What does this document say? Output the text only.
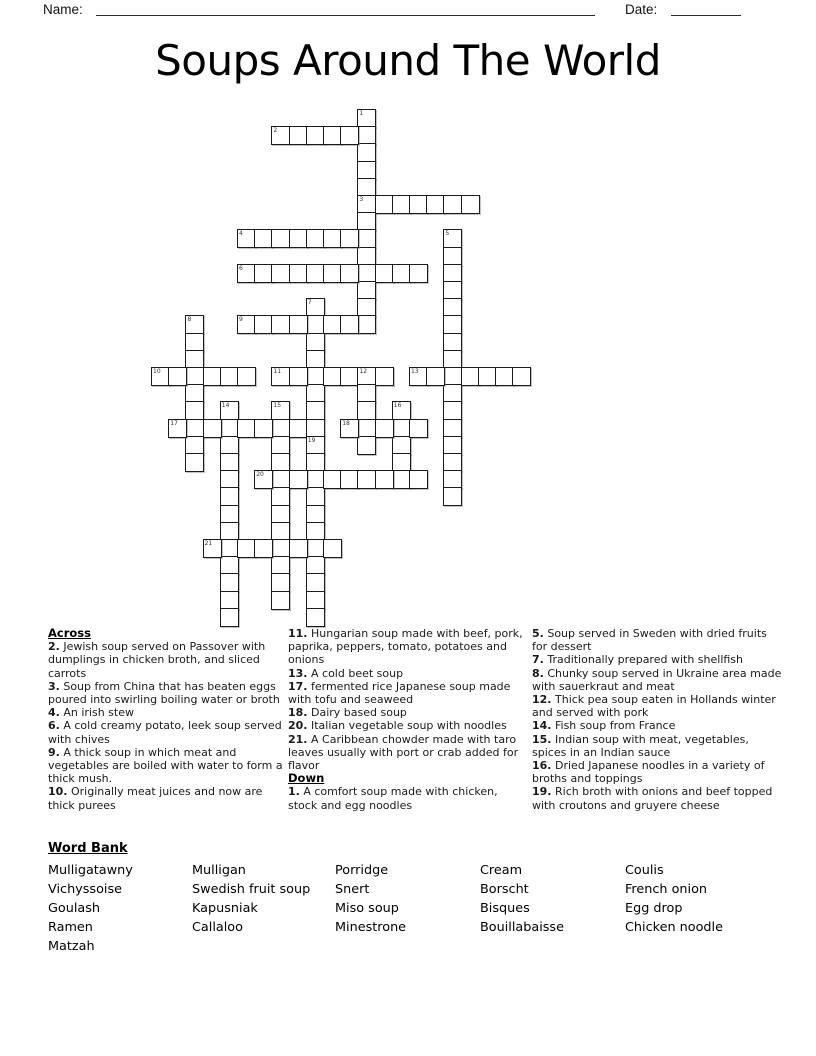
Name:	Date:
Soups Around The World
1
3
2
4	5
6
7
8	9
10	11	12	13
14	15	16
17	18
19
20
21
Across
2. Jewish soup served on Passover with dumplings in chicken broth, and sliced carrots
3. Soup from China that has beaten eggs poured into swirling boiling water or broth
4. An irish stew
6. A cold creamy potato, leek soup served with chives
9. A thick soup in which meat and vegetables are boiled with water to form a thick mush.
10. Originally meat juices and now are thick purees
11. Hungarian soup made with beef, pork, paprika, peppers, tomato, potatoes and onions
13. A cold beet soup
17. fermented rice Japanese soup made with tofu and seaweed
18. Dairy based soup
20. Italian vegetable soup with noodles
21. A Caribbean chowder made with taro leaves usually with port or crab added for flavor
Down
1. A comfort soup made with chicken, stock and egg noodles
5. Soup served in Sweden with dried fruits for dessert
7. Traditionally prepared with shellfish
8. Chunky soup served in Ukraine area made with sauerkraut and meat
12. Thick pea soup eaten in Hollands winter and served with pork
14. Fish soup from France
15. Indian soup with meat, vegetables, spices in an Indian sauce
16. Dried Japanese noodles in a variety of broths and toppings
19. Rich broth with onions and beef topped with croutons and gruyere cheese
Word Bank
Mulligatawny
Vichyssoise
Goulash
Ramen
Matzah
Mulligan
Swedish fruit soup
Kapusniak
Callaloo
Porridge
Snert
Miso soup
Minestrone
Cream
Borscht
Bisques
Bouillabaisse
Coulis
French onion
Egg drop
Chicken noodle
